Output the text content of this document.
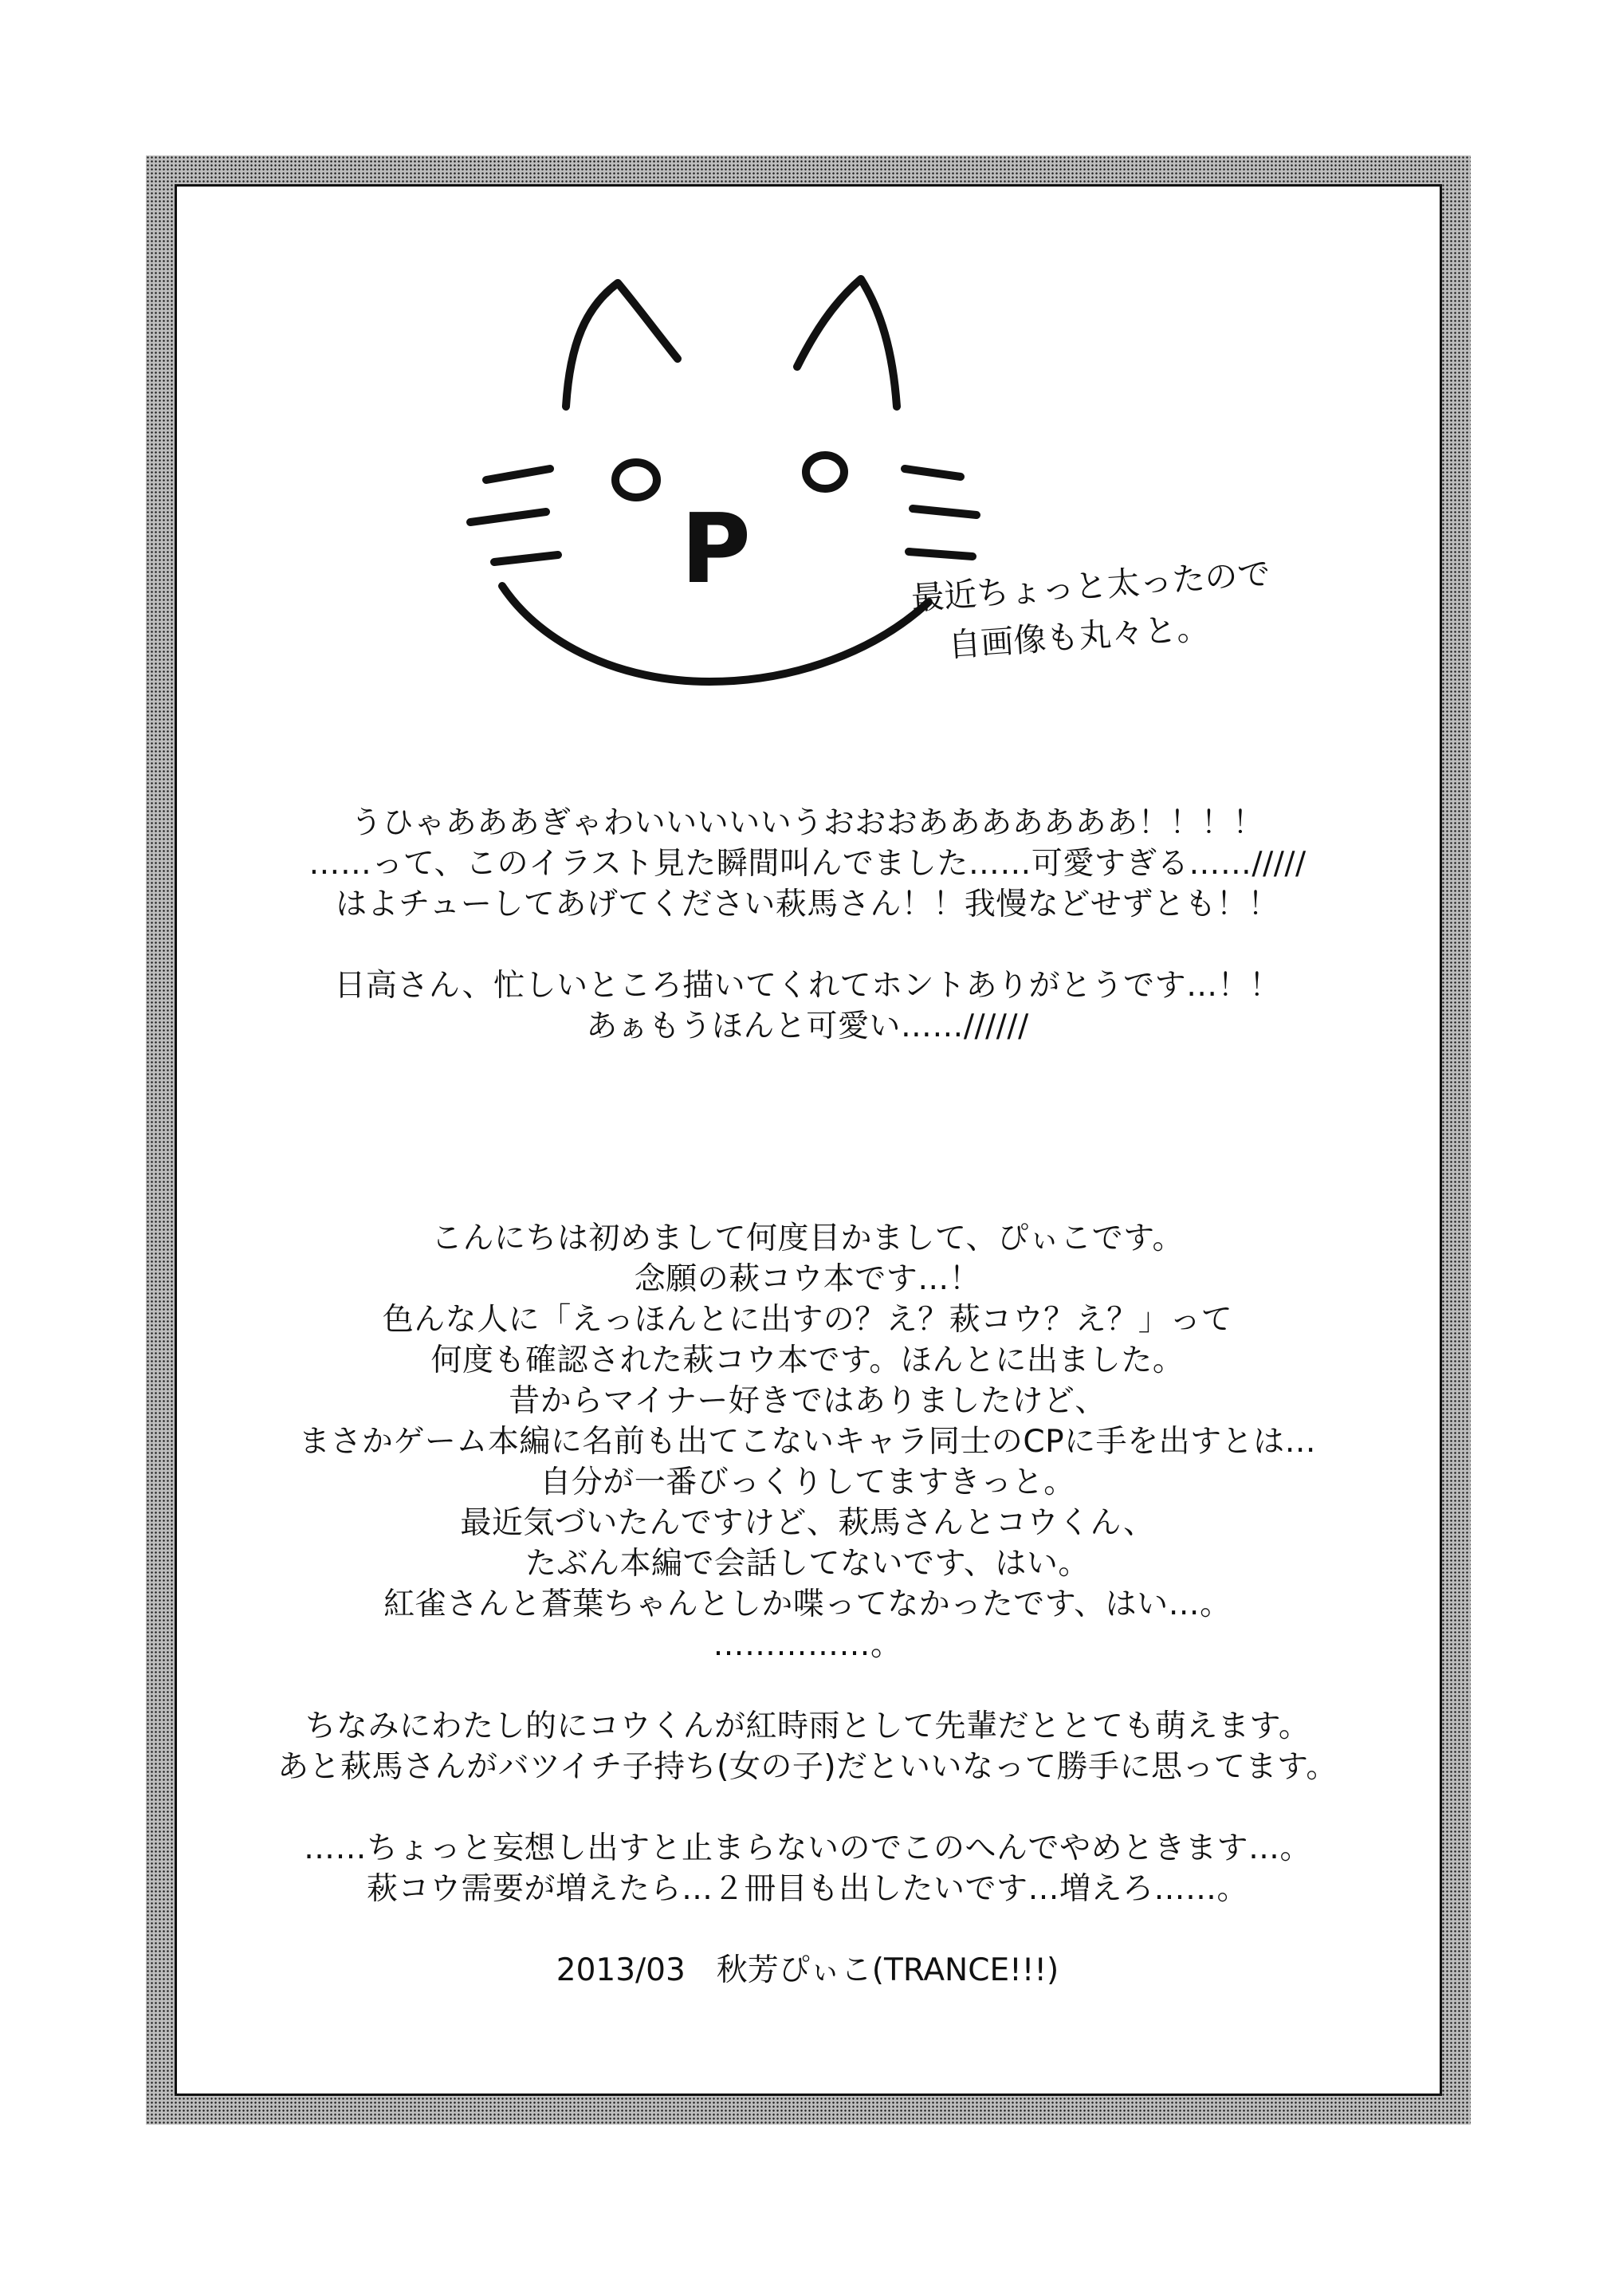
P	最近ちょっと太ったので
自画像も丸々と。
うひゃあああぎゃわいいいいいうおおおあああああああ！！！！
……って、このイラスト見た瞬間叫んでました……可愛すぎる……/////
はよチューしてあげてください萩馬さん！！我慢などせずとも！！
日高さん、忙しいところ描いてくれてホントありがとうです…！！
あぁもうほんと可愛い……//////
こんにちは初めまして何度目かまして、ぴぃこです。
念願の萩コウ本です…！
色んな人に「えっほんとに出すの？え？萩コウ？え？」って
何度も確認された萩コウ本です。ほんとに出ました。
昔からマイナー好きではありましたけど、
まさかゲーム本編に名前も出てこないキャラ同士のCPに手を出すとは…
自分が一番びっくりしてますきっと。
最近気づいたんですけど、萩馬さんとコウくん、
たぶん本編で会話してないです、はい。
紅雀さんと蒼葉ちゃんとしか喋ってなかったです、はい…。
……………。
ちなみにわたし的にコウくんが紅時雨として先輩だととても萌えます。
あと萩馬さんがバツイチ子持ち(女の子)だといいなって勝手に思ってます。
……ちょっと妄想し出すと止まらないのでこのへんでやめときます…。
萩コウ需要が増えたら…２冊目も出したいです…増えろ……。
2013/03　秋芳ぴぃこ(TRANCE!!!)
